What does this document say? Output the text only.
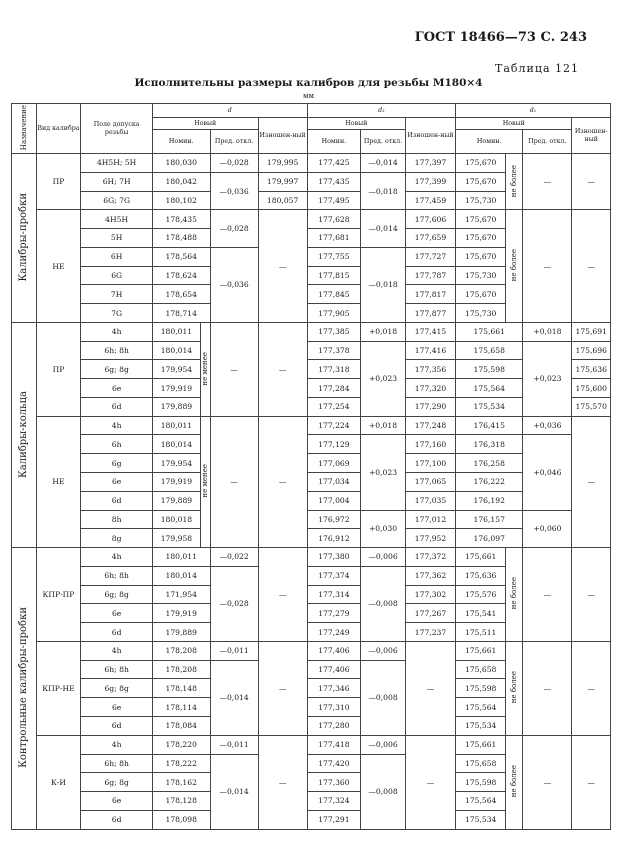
ГОСТ 18466—73 С. 243
Таблица 121
Исполнительны размеры калибров для резьбы М180×4
мм
Назначение	Вид калибра	Поле допуска резьбы	d				d₂			d₁			
			Новый			Изношен-ный	Новый		Изношен-ный	Новый			Изношен-ный
			Номин.		Пред. откл.		Номин.	Пред. откл.		Номин.		Пред. откл.	
Калибры-пробки	ПР	4H5H; 5H	180,030		—0,028	179,995	177,425	—0,014	177,397	175,670	не более	—	—
		6H; 7H	180,042		—0,036	179,997	177,435	—0,018	177,399	175,670			
		6G; 7G	180,102			180,057	177,495		177,459	175,730			
	НЕ	4H5H	178,435		—0,028	—	177,628	—0,014	177,606	175,670	не более	—	—
		5H	178,488				177,681		177,659	175,670			
		6H	178,564		—0,036		177,755	—0,018	177,727	175,670			
		6G	178,624				177,815		177,787	175,730			
		7H	178,654				177,845		177,817	175,670			
		7G	178,714				177,905		177,877	175,730			
Калибры-кольца	ПР	4h	180,011	не менее	—	—	177,385	+0,018	177,415	175,661		+0,018	175,691
		6h; 8h	180,014				177,378	+0,023	177,416	175,658		+0,023	175,696
		6g; 8g	179,954				177,318		177,356	175,598			175,636
		6e	179,919				177,284		177,320	175,564			175,600
		6d	179,889				177,254		177,290	175,534			175,570
	НЕ	4h	180,011	не менее	—	—	177,224	+0,018	177,248	176,415		+0,036	—
		6h	180,014				177,129	+0,023	177,160	176,318		+0,046	
		6g	179,954				177,069		177,100	176,258			
		6e	179,919				177,034		177,065	176,222			
		6d	179,889				177,004		177,035	176,192			
		8h	180,018				176,972	+0,030	177,012	176,157		+0,060	
		8g	179,958				176,912		177,952	176,097			
Контрольные калибры-пробки	КПР-ПР	4h	180,011		—0,022	—	177,380	—0,006	177,372	175,661	не более	—	—
		6h; 8h	180,014		—0,028		177,374	—0,008	177,362	175,636			
		6g; 8g	171,954				177,314		177,302	175,576			
		6e	179,919				177,279		177,267	175,541			
		6d	179,889				177,249		177,237	175,511			
	КПР-НЕ	4h	178,208		—0,011	—	177,406	—0,006	—	175,661	не более	—	—
		6h; 8h	178,208		—0,014		177,406	—0,008		175,658			
		6g; 8g	178,148				177,346			175,598			
		6e	178,114				177,310			175,564			
		6d	178,084				177,280			175,534			
	К-И	4h	178,220		—0,011	—	177,418	—0,006	—	175,661	не более	—	—
		6h; 8h	178,222		—0,014		177,420	—0,008		175,658			
		6g; 8g	178,162				177,360			175,598			
		6e	178,128				177,324			175,564			
		6d	178,098				177,291			175,534			
